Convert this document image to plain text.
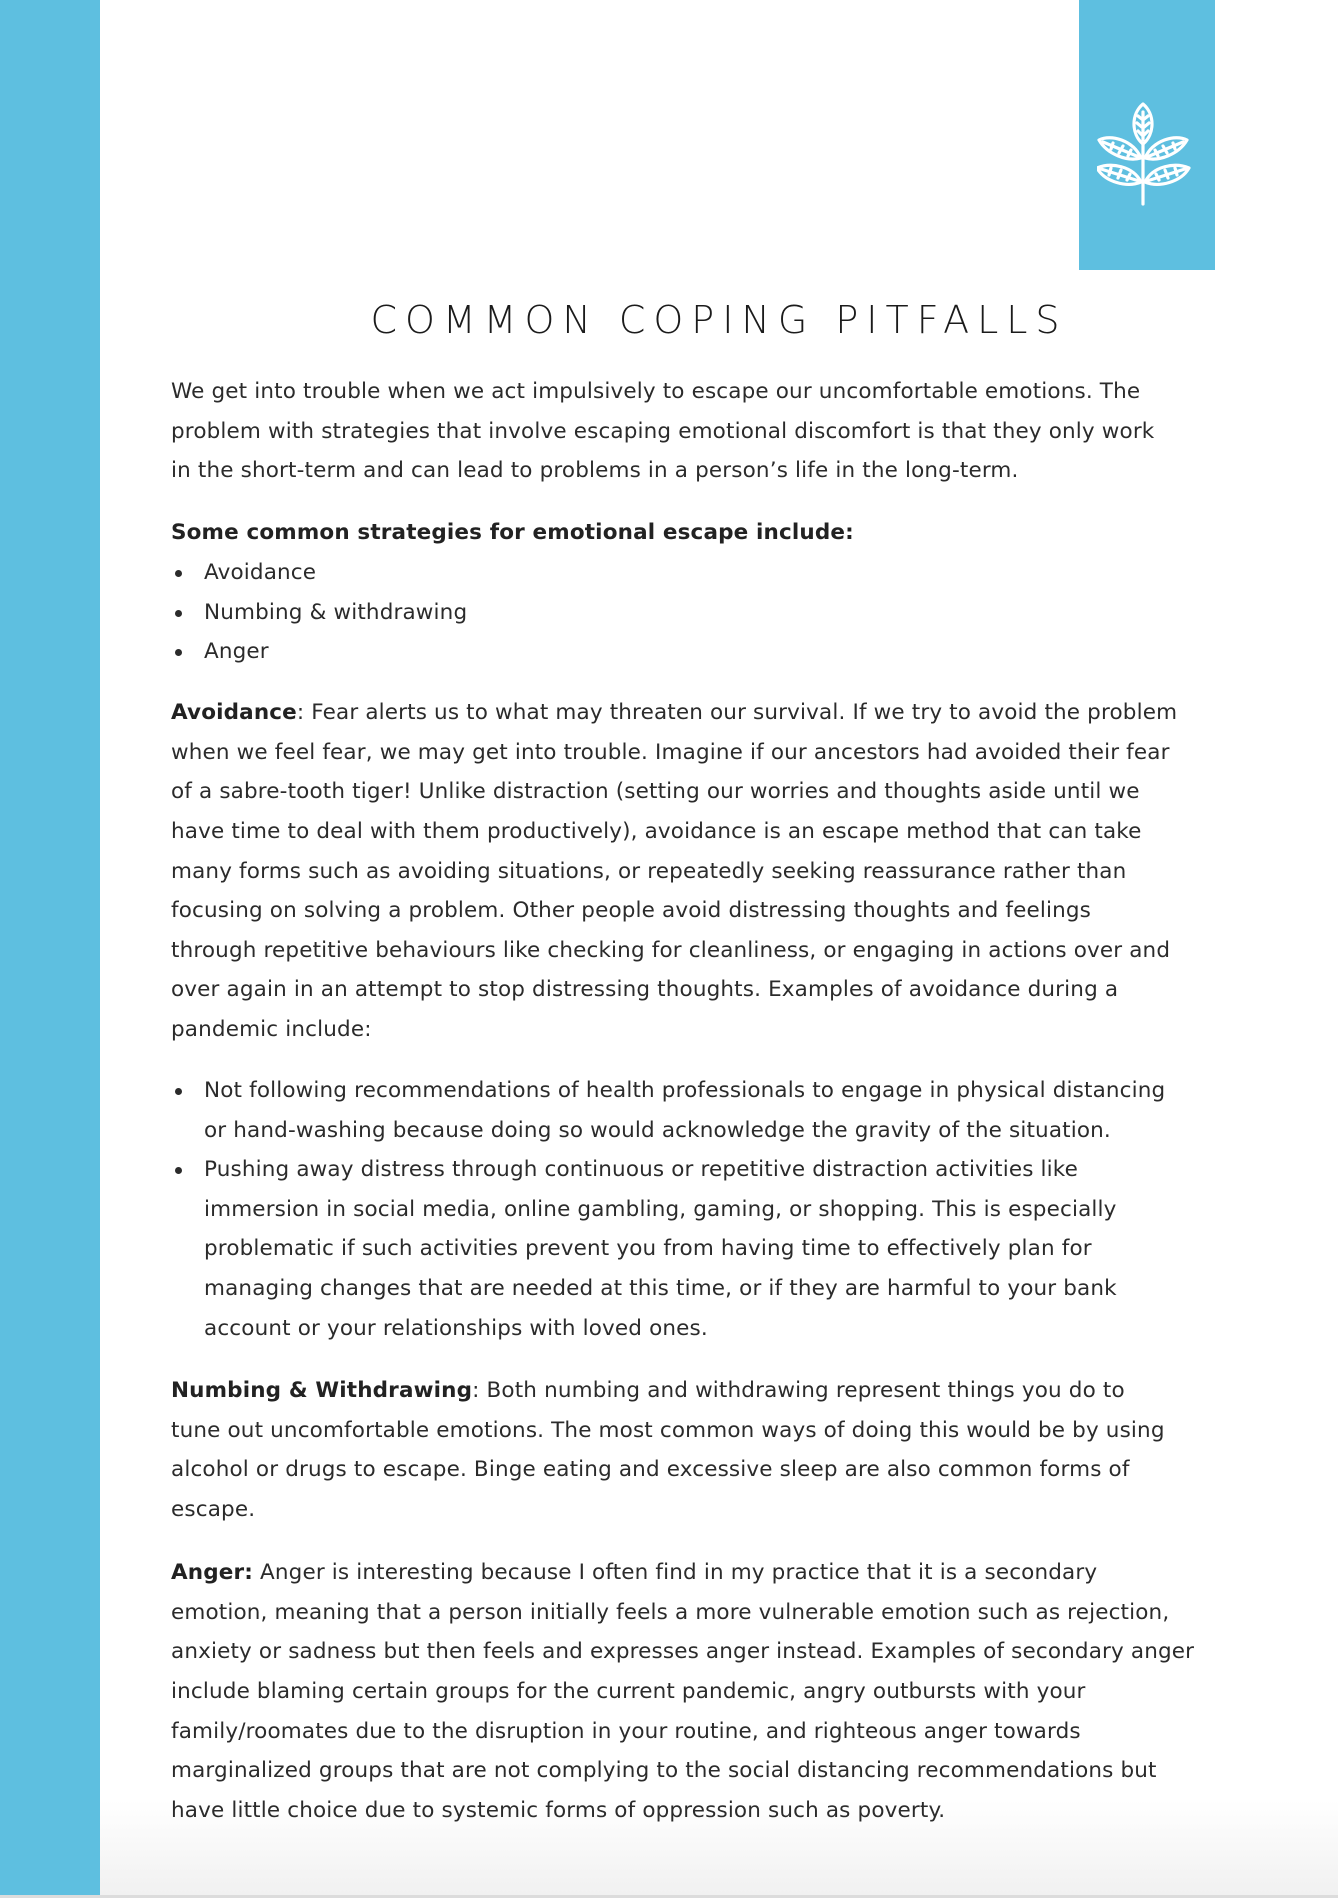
COMMON COPING PITFALLS
We get into trouble when we act impulsively to escape our uncomfortable emotions. The
problem with strategies that involve escaping emotional discomfort is that they only work
in the short-term and can lead to problems in a person’s life in the long-term.
Some common strategies for emotional escape include:
Avoidance
Numbing & withdrawing
Anger
Avoidance: Fear alerts us to what may threaten our survival. If we try to avoid the problem
when we feel fear, we may get into trouble. Imagine if our ancestors had avoided their fear
of a sabre-tooth tiger! Unlike distraction (setting our worries and thoughts aside until we
have time to deal with them productively), avoidance is an escape method that can take
many forms such as avoiding situations, or repeatedly seeking reassurance rather than
focusing on solving a problem. Other people avoid distressing thoughts and feelings
through repetitive behaviours like checking for cleanliness, or engaging in actions over and
over again in an attempt to stop distressing thoughts. Examples of avoidance during a
pandemic include:
Not following recommendations of health professionals to engage in physical distancing
or hand-washing because doing so would acknowledge the gravity of the situation.
Pushing away distress through continuous or repetitive distraction activities like
immersion in social media, online gambling, gaming, or shopping. This is especially
problematic if such activities prevent you from having time to effectively plan for
managing changes that are needed at this time, or if they are harmful to your bank
account or your relationships with loved ones.
Numbing & Withdrawing: Both numbing and withdrawing represent things you do to
tune out uncomfortable emotions. The most common ways of doing this would be by using
alcohol or drugs to escape. Binge eating and excessive sleep are also common forms of
escape.
Anger: Anger is interesting because I often find in my practice that it is a secondary
emotion, meaning that a person initially feels a more vulnerable emotion such as rejection,
anxiety or sadness but then feels and expresses anger instead. Examples of secondary anger
include blaming certain groups for the current pandemic, angry outbursts with your
family/roomates due to the disruption in your routine, and righteous anger towards
marginalized groups that are not complying to the social distancing recommendations but
have little choice due to systemic forms of oppression such as poverty.
